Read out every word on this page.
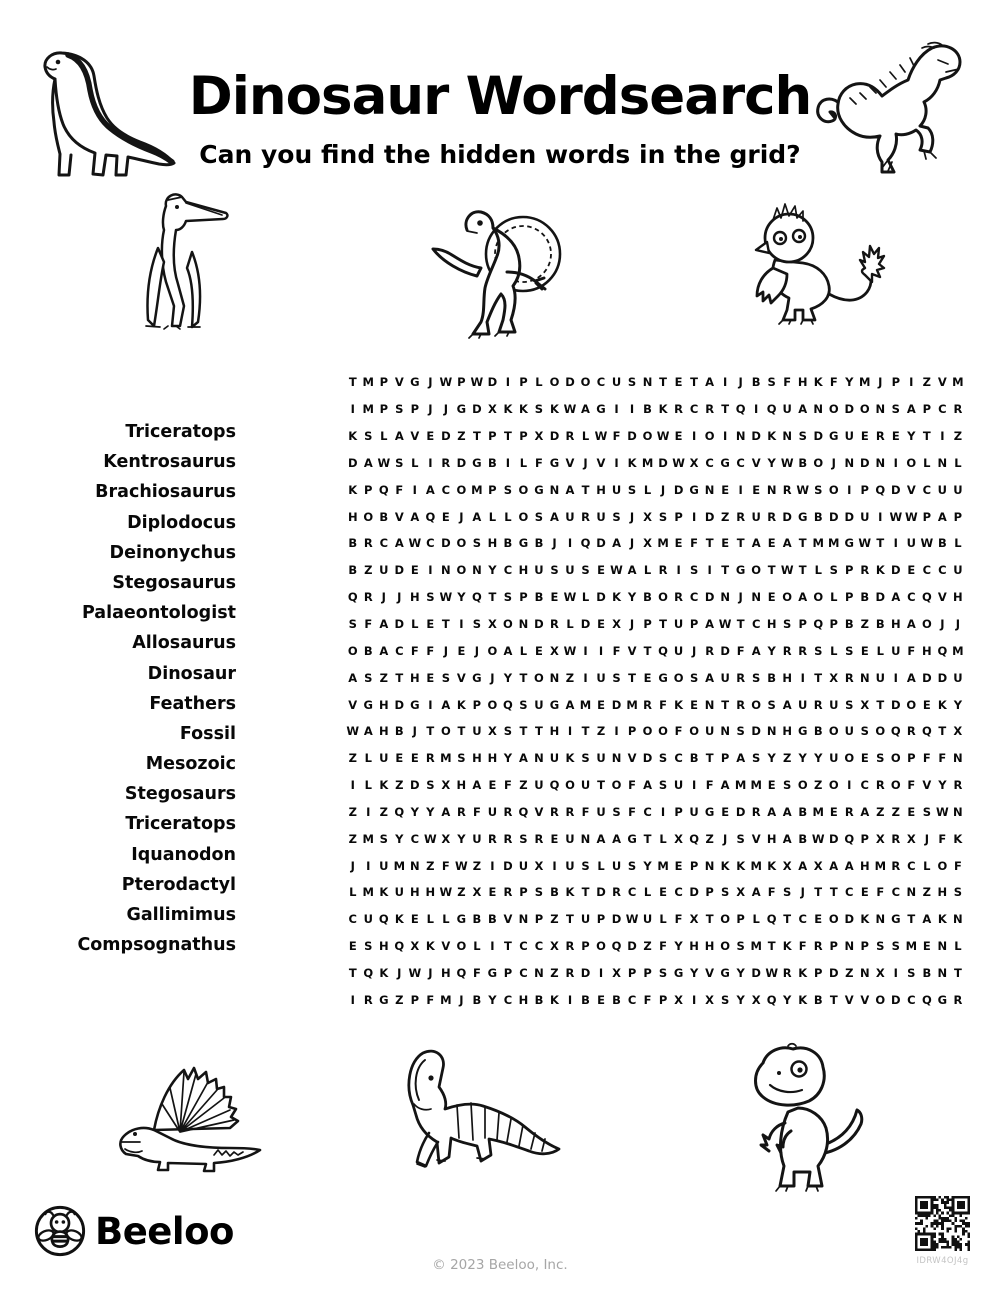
Dinosaur Wordsearch
Can you find the hidden words in the grid?
Triceratops
Kentrosaurus
Brachiosaurus
Diplodocus
Deinonychus
Stegosaurus
Palaeontologist
Allosaurus
Dinosaur
Feathers
Fossil
Mesozoic
Stegosaurs
Triceratops
Iquanodon
Pterodactyl
Gallimimus
Compsognathus
T M P V G J W P W D I P L O D O C U S N T E T A I J B S F H K F Y M J P I Z V M
I M P S P J J G D X K K S K W A G I I B K R C R T Q I Q U A N O D O N S A P C R
K S L A V E D Z T P T P X D R L W F D O W E I O I N D K N S D G U E R E Y T I Z
D A W S L I R D G B I L F G V J V I K M D W X C G C V Y W B O J N D N I O L N L
K P Q F I A C O M P S O G N A T H U S L J D G N E I E N R W S O I P Q D V C U U
H O B V A Q E J A L L O S A U R U S J X S P I D Z R U R D G B D D U I W W P A P
B R C A W C D O S H B G B J I Q D A J X M E F T E T A E A T M M G W T I U W B L
B Z U D E I N O N Y C H U S U S E W A L R I S I T G O T W T L S P R K D E C C U
Q R J J H S W Y Q T S P B E W L D K Y B O R C D N J N E O A O L P B D A C Q V H
S F A D L E T I S X O N D R L D E X J P T U P A W T C H S P Q P B Z B H A O J J
O B A C F F J E J O A L E X W I I F V T Q U J R D F A Y R R S L S E L U F H Q M
A S Z T H E S V G J Y T O N Z I U S T E G O S A U R S B H I T X R N U I A D D U
V G H D G I A K P O Q S U G A M E D M R F K E N T R O S A U R U S X T D O E K Y
W A H B J T O T U X S T T H I T Z I P O O F O U N S D N H G B O U S O Q R Q T X
Z L U E E R M S H H Y A N U K S U N V D S C B T P A S Y Z Y Y U O E S O P F F N
I L K Z D S X H A E F Z U Q O U T O F A S U I F A M M E S O Z O I C R O F V Y R
Z I Z Q Y Y A R F U R Q V R R F U S F C I P U G E D R A A B M E R A Z Z E S W N
Z M S Y C W X Y U R R S R E U N A A G T L X Q Z J S V H A B W D Q P X R X J F K
J I U M N Z F W Z I D U X I U S L U S Y M E P N K K M K X A X A A H M R C L O F
L M K U H H W Z X E R P S B K T D R C L E C D P S X A F S J T T C E F C N Z H S
C U Q K E L L G B B V N P Z T U P D W U L F X T O P L Q T C E O D K N G T A K N
E S H Q X K V O L I T C C X R P O Q D Z F Y H H O S M T K F R P N P S S M E N L
T Q K J W J H Q F G P C N Z R D I X P P S G Y V G Y D W R K P D Z N X I S B N T
I R G Z P F M J B Y C H B K I B E B C F P X I X S Y X Q Y K B T V V O D C Q G R
Beeloo
© 2023 Beeloo, Inc.	IDRW4OJ4g
